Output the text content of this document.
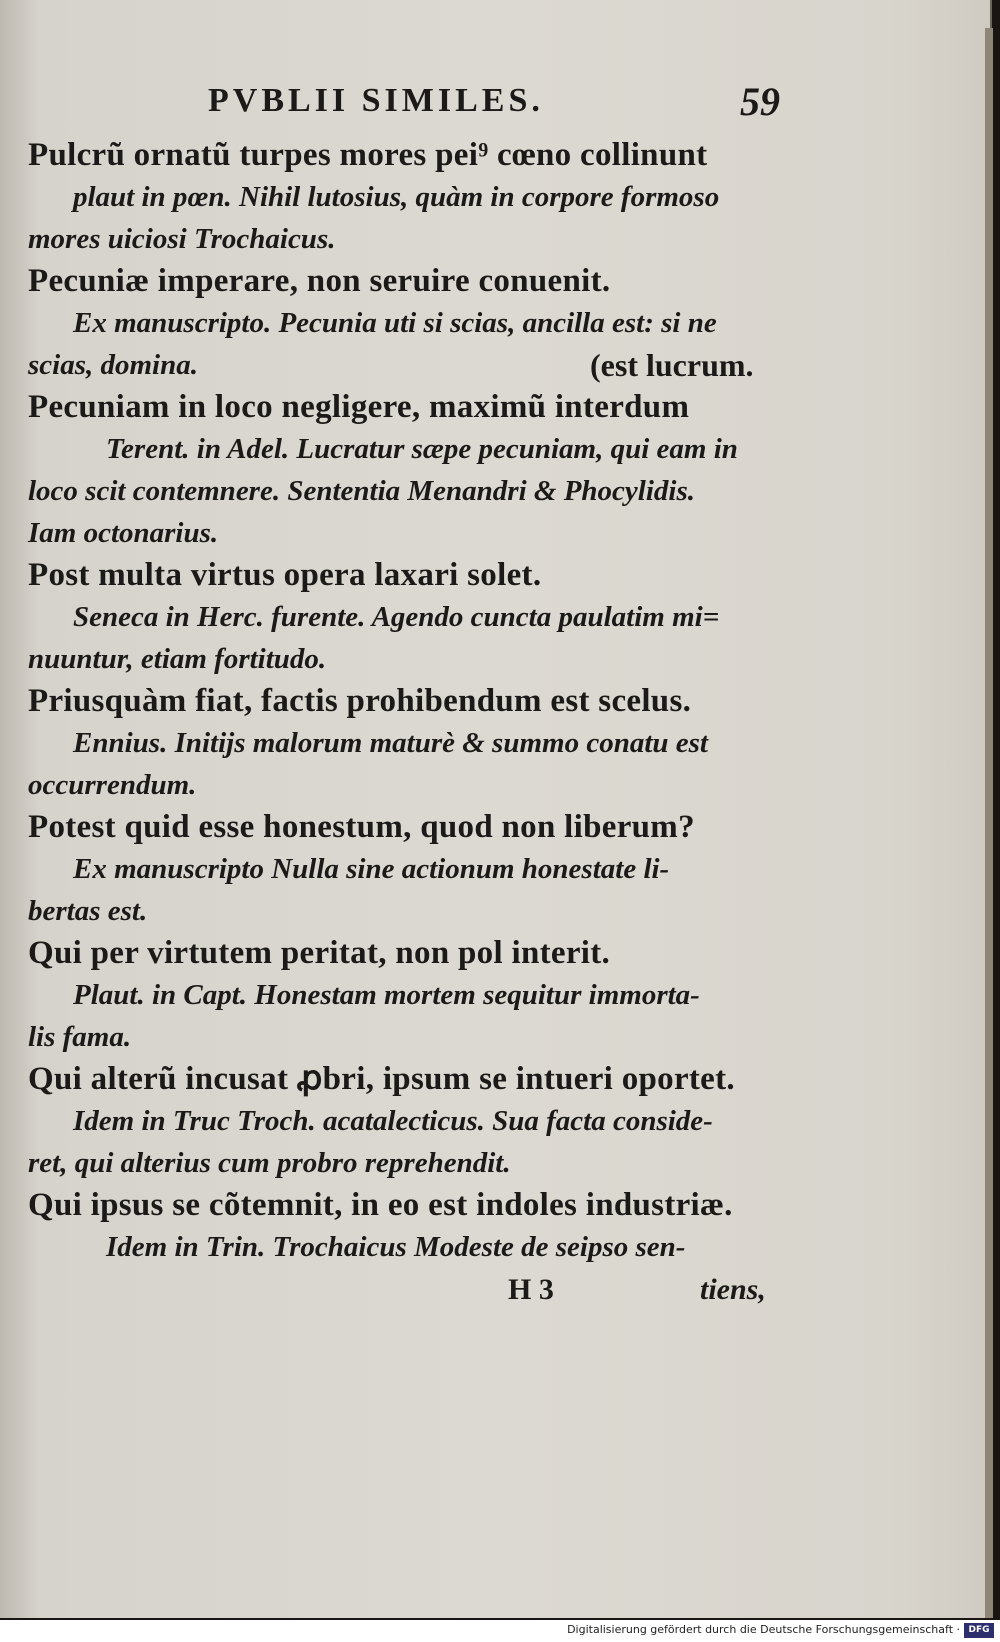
PVBLII SIMILES.	59
Pulcrũ ornatũ turpes mores pei⁹ cœno collinunt
plaut in pœn. Nihil lutosius, quàm in corpore formoso
mores uiciosi Trochaicus.
Pecuniæ imperare, non seruire conuenit.
Ex manuscripto. Pecunia uti si scias, ancilla est: si ne
scias, domina.	(est lucrum.
Pecuniam in loco negligere, maximũ interdum
Terent. in Adel. Lucratur sæpe pecuniam, qui eam in
loco scit contemnere. Sententia Menandri & Phocylidis.
Iam octonarius.
Post multa virtus opera laxari solet.
Seneca in Herc. furente. Agendo cuncta paulatim mi=
nuuntur, etiam fortitudo.
Priusquàm fiat, factis prohibendum est scelus.
Ennius. Initijs malorum maturè & summo conatu est
occurrendum.
Potest quid esse honestum, quod non liberum?
Ex manuscripto Nulla sine actionum honestate li-
bertas est.
Qui per virtutem peritat, non pol interit.
Plaut. in Capt. Honestam mortem sequitur immorta-
lis fama.
Qui alterũ incusat ꝓbri, ipsum se intueri oportet.
Idem in Truc Troch. acatalecticus. Sua facta conside-
ret, qui alterius cum probro reprehendit.
Qui ipsus se cõtemnit, in eo est indoles industriæ.
Idem in Trin. Trochaicus Modeste de seipso sen-
H 3	tiens,
Digitalisierung gefördert durch die Deutsche Forschungsgemeinschaft · DFG
